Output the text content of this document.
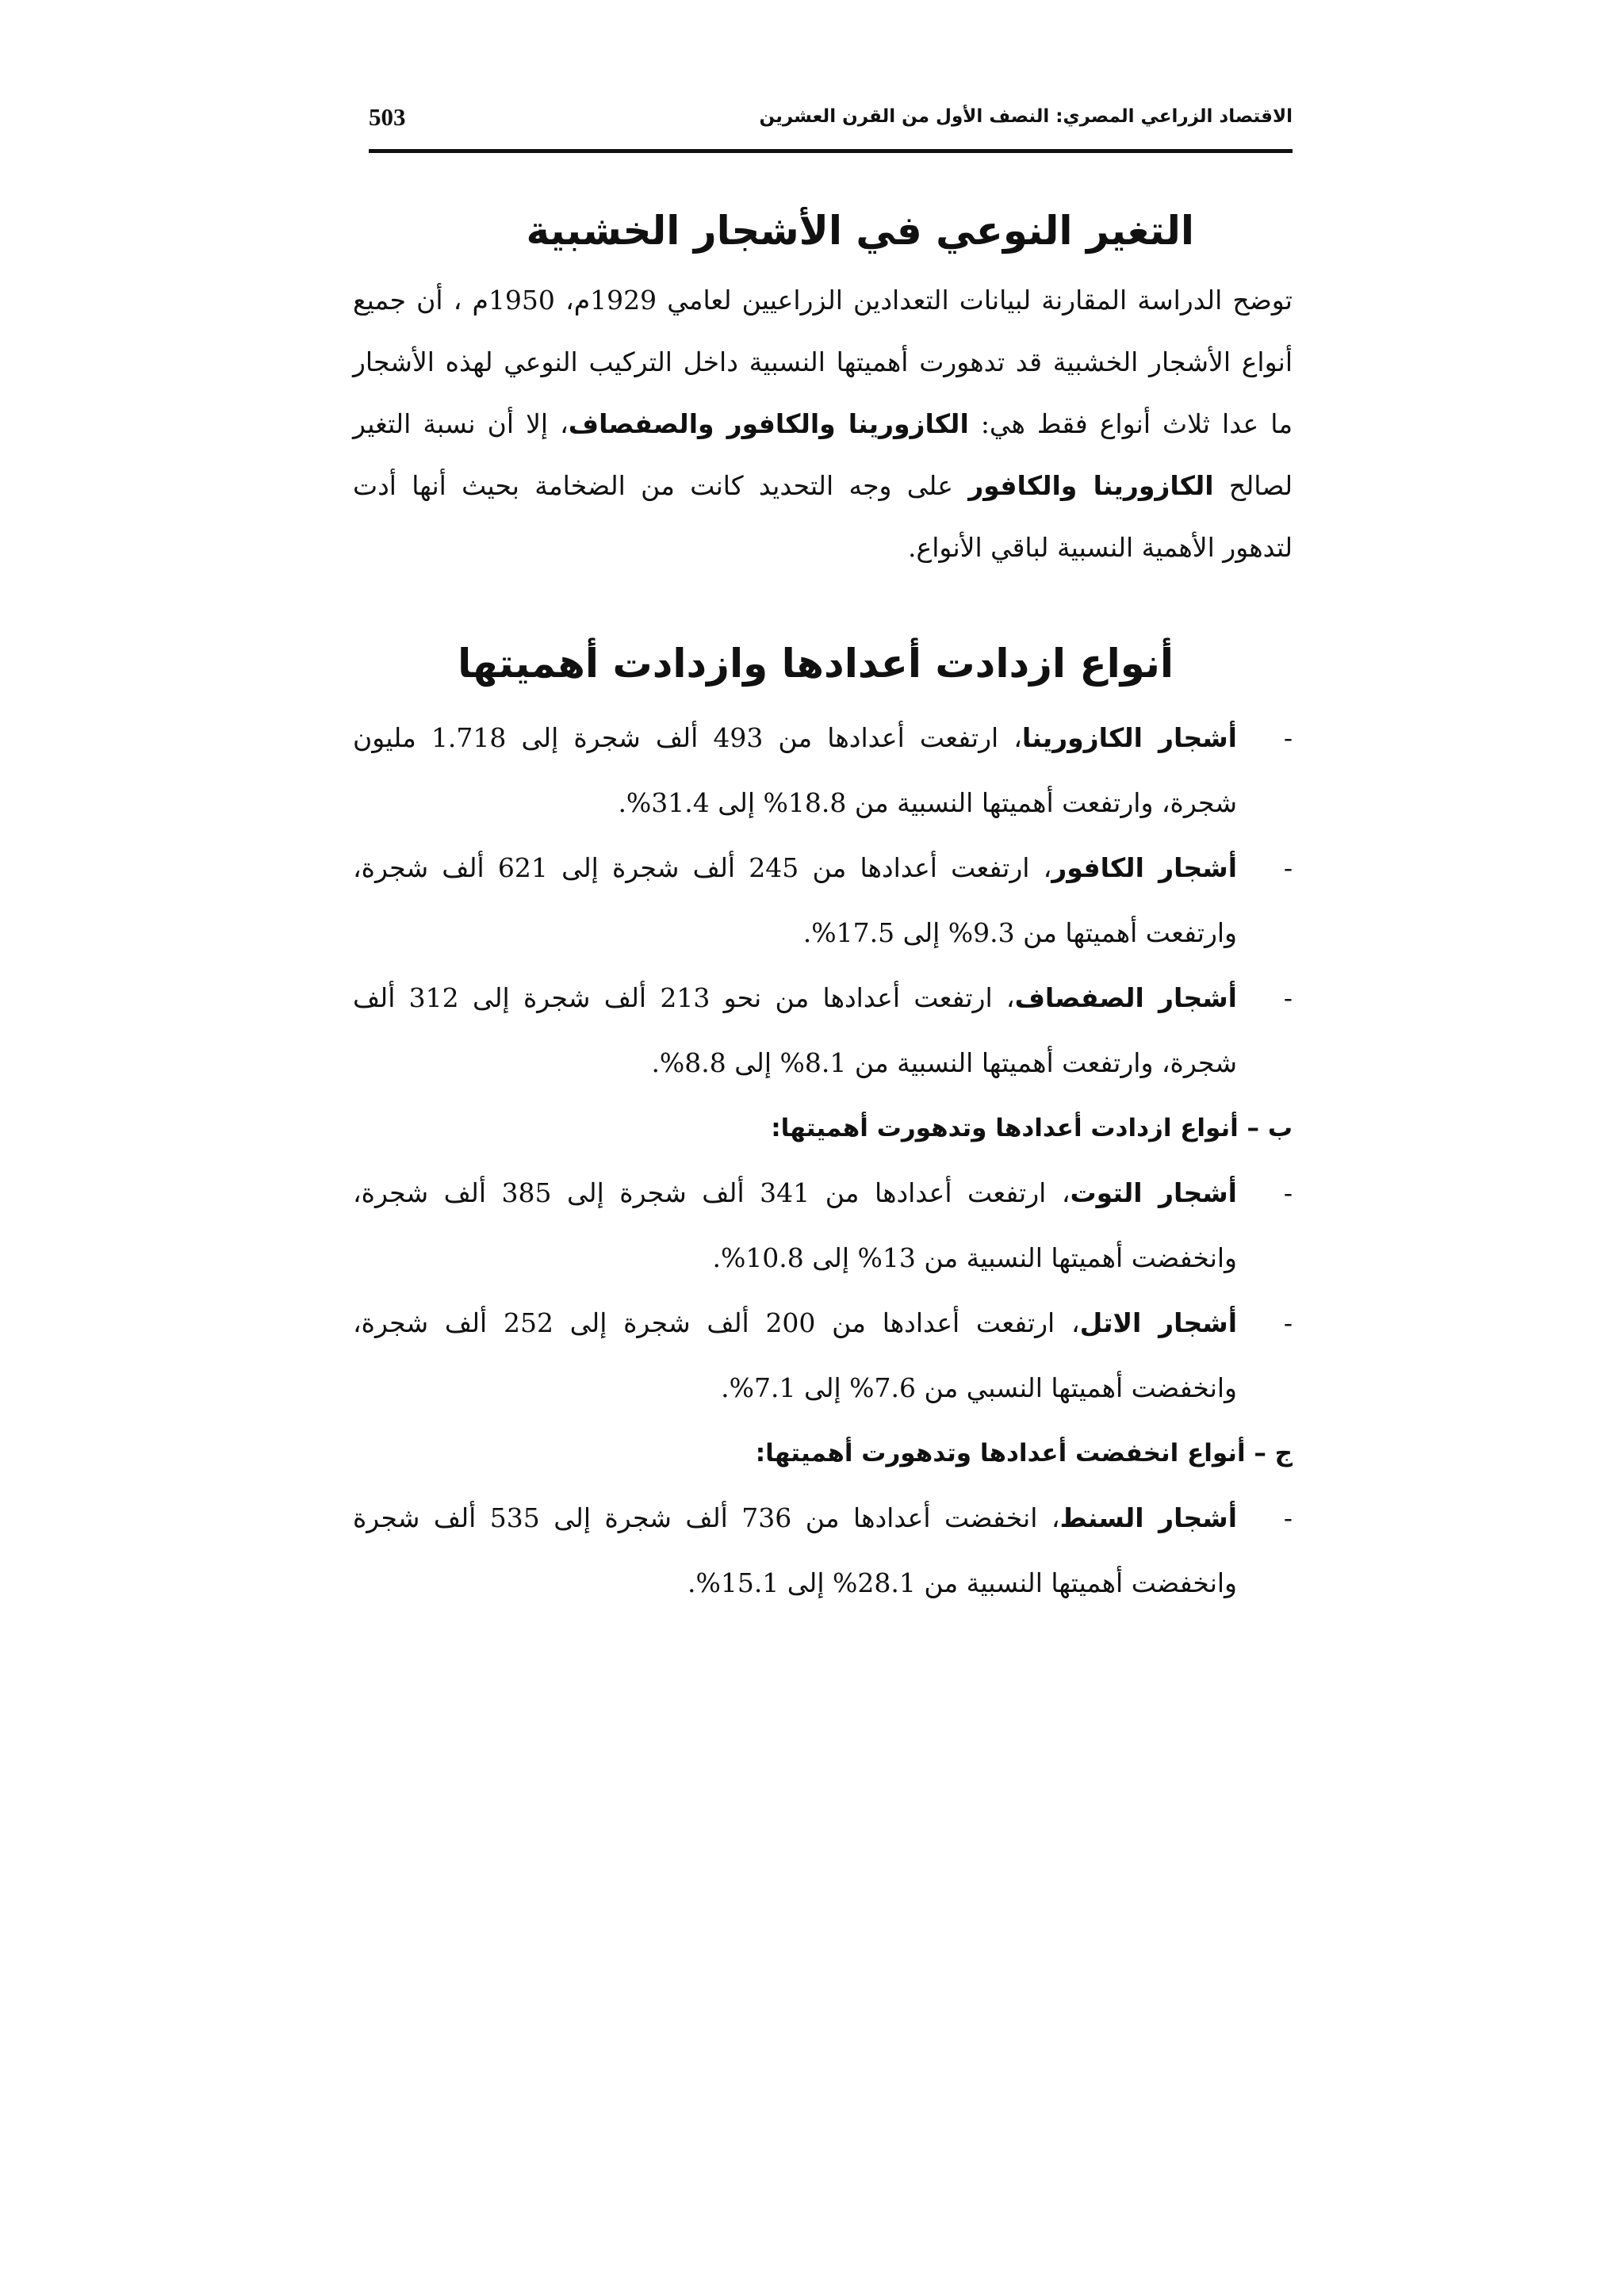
الاقتصاد الزراعي المصري: النصف الأول من القرن العشرين
503
التغير النوعي في الأشجار الخشبية

توضح الدراسة المقارنة لبيانات التعدادين الزراعيين لعامي 1929م، 1950م ، أن جميع أنواع الأشجار الخشبية قد تدهورت أهميتها النسبية داخل التركيب النوعي لهذه الأشجار ما عدا ثلاث أنواع فقط هي: الكازورينا والكافور والصفصاف، إلا أن نسبة التغير لصالح الكازورينا والكافور على وجه التحديد كانت من الضخامة بحيث أنها أدت لتدهور الأهمية النسبية لباقي الأنواع.

أنواع ازدادت أعدادها وازدادت أهميتها

-
أشجار الكازورينا، ارتفعت أعدادها من 493 ألف شجرة إلى 1.718 مليون شجرة، وارتفعت أهميتها النسبية من 18.8% إلى 31.4%.

-
أشجار الكافور، ارتفعت أعدادها من 245 ألف شجرة إلى 621 ألف شجرة، وارتفعت أهميتها من 9.3% إلى 17.5%.

-
أشجار الصفصاف، ارتفعت أعدادها من نحو 213 ألف شجرة إلى 312 ألف شجرة، وارتفعت أهميتها النسبية من 8.1% إلى 8.8%.

ب – أنواع ازدادت أعدادها وتدهورت أهميتها:

-
أشجار التوت، ارتفعت أعدادها من 341 ألف شجرة إلى 385 ألف شجرة، وانخفضت أهميتها النسبية من 13% إلى 10.8%.

-
أشجار الاتل، ارتفعت أعدادها من 200 ألف شجرة إلى 252 ألف شجرة، وانخفضت أهميتها النسبي من 7.6% إلى 7.1%.

ج – أنواع انخفضت أعدادها وتدهورت أهميتها:

-
أشجار السنط، انخفضت أعدادها من 736 ألف شجرة إلى 535 ألف شجرة وانخفضت أهميتها النسبية من 28.1% إلى 15.1%.
